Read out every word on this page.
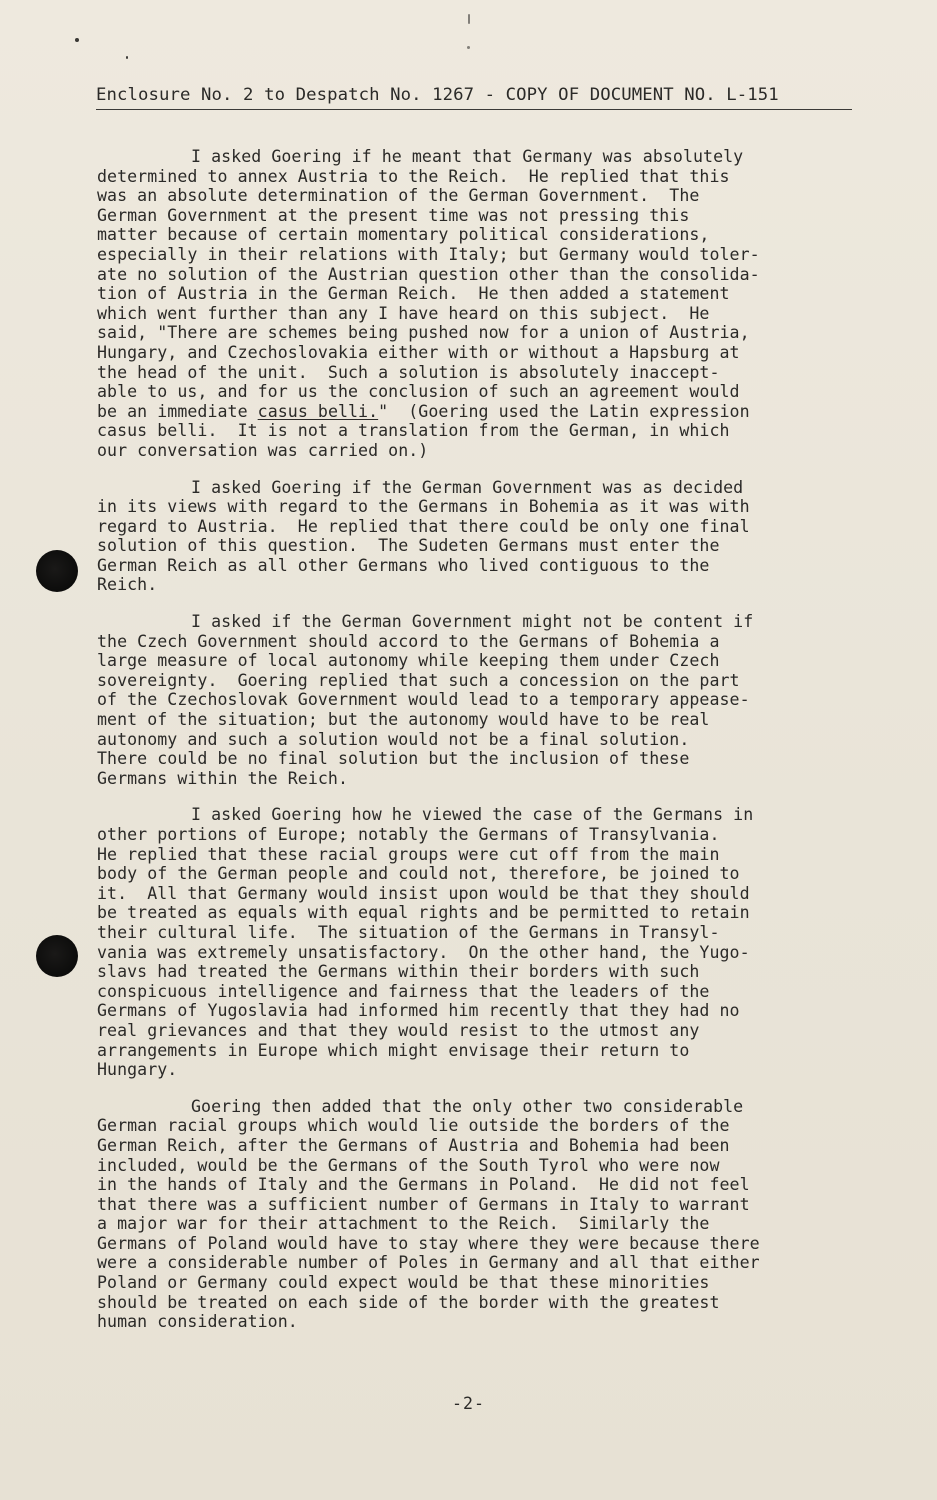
Enclosure No. 2 to Despatch No. 1267 - COPY OF DOCUMENT NO. L-151
I asked Goering if he meant that Germany was absolutely
determined to annex Austria to the Reich.  He replied that this
was an absolute determination of the German Government.  The
German Government at the present time was not pressing this
matter because of certain momentary political considerations,
especially in their relations with Italy; but Germany would toler-
ate no solution of the Austrian question other than the consolida-
tion of Austria in the German Reich.  He then added a statement
which went further than any I have heard on this subject.  He
said, "There are schemes being pushed now for a union of Austria,
Hungary, and Czechoslovakia either with or without a Hapsburg at
the head of the unit.  Such a solution is absolutely inaccept-
able to us, and for us the conclusion of such an agreement would
be an immediate casus belli."  (Goering used the Latin expression
casus belli.  It is not a translation from the German, in which
our conversation was carried on.)
I asked Goering if the German Government was as decided
in its views with regard to the Germans in Bohemia as it was with
regard to Austria.  He replied that there could be only one final
solution of this question.  The Sudeten Germans must enter the
German Reich as all other Germans who lived contiguous to the
Reich.
I asked if the German Government might not be content if
the Czech Government should accord to the Germans of Bohemia a
large measure of local autonomy while keeping them under Czech
sovereignty.  Goering replied that such a concession on the part
of the Czechoslovak Government would lead to a temporary appease-
ment of the situation; but the autonomy would have to be real
autonomy and such a solution would not be a final solution.
There could be no final solution but the inclusion of these
Germans within the Reich.
I asked Goering how he viewed the case of the Germans in
other portions of Europe; notably the Germans of Transylvania.
He replied that these racial groups were cut off from the main
body of the German people and could not, therefore, be joined to
it.  All that Germany would insist upon would be that they should
be treated as equals with equal rights and be permitted to retain
their cultural life.  The situation of the Germans in Transyl-
vania was extremely unsatisfactory.  On the other hand, the Yugo-
slavs had treated the Germans within their borders with such
conspicuous intelligence and fairness that the leaders of the
Germans of Yugoslavia had informed him recently that they had no
real grievances and that they would resist to the utmost any
arrangements in Europe which might envisage their return to
Hungary.
Goering then added that the only other two considerable
German racial groups which would lie outside the borders of the
German Reich, after the Germans of Austria and Bohemia had been
included, would be the Germans of the South Tyrol who were now
in the hands of Italy and the Germans in Poland.  He did not feel
that there was a sufficient number of Germans in Italy to warrant
a major war for their attachment to the Reich.  Similarly the
Germans of Poland would have to stay where they were because there
were a considerable number of Poles in Germany and all that either
Poland or Germany could expect would be that these minorities
should be treated on each side of the border with the greatest
human consideration.
-2-
